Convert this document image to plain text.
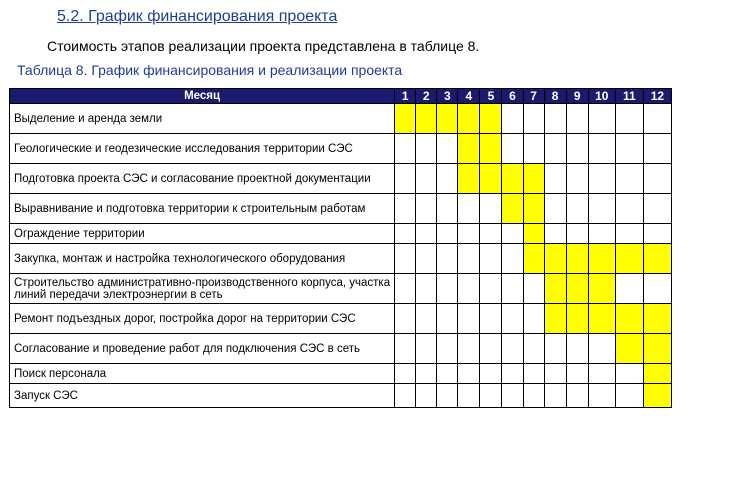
5.2. График финансирования проекта
Стоимость этапов реализации проекта представлена в таблице 8.
Таблица 8. График финансирования и реализации проекта
Месяц	1	2	3	4	5	6	7	8	9	10	11	12
Выделение и аренда земли												
Геологические и геодезические исследования территории СЭС												
Подготовка проекта СЭС и согласование проектной документации												
Выравнивание и подготовка территории к строительным работам												
Ограждение территории												
Закупка, монтаж и настройка технологического оборудования												
Строительство административно-производственного корпуса, участка линий передачи электроэнергии в сеть												
Ремонт подъездных дорог, постройка дорог на территории СЭС												
Согласование и проведение работ для подключения СЭС в сеть												
Поиск персонала												
Запуск СЭС												
